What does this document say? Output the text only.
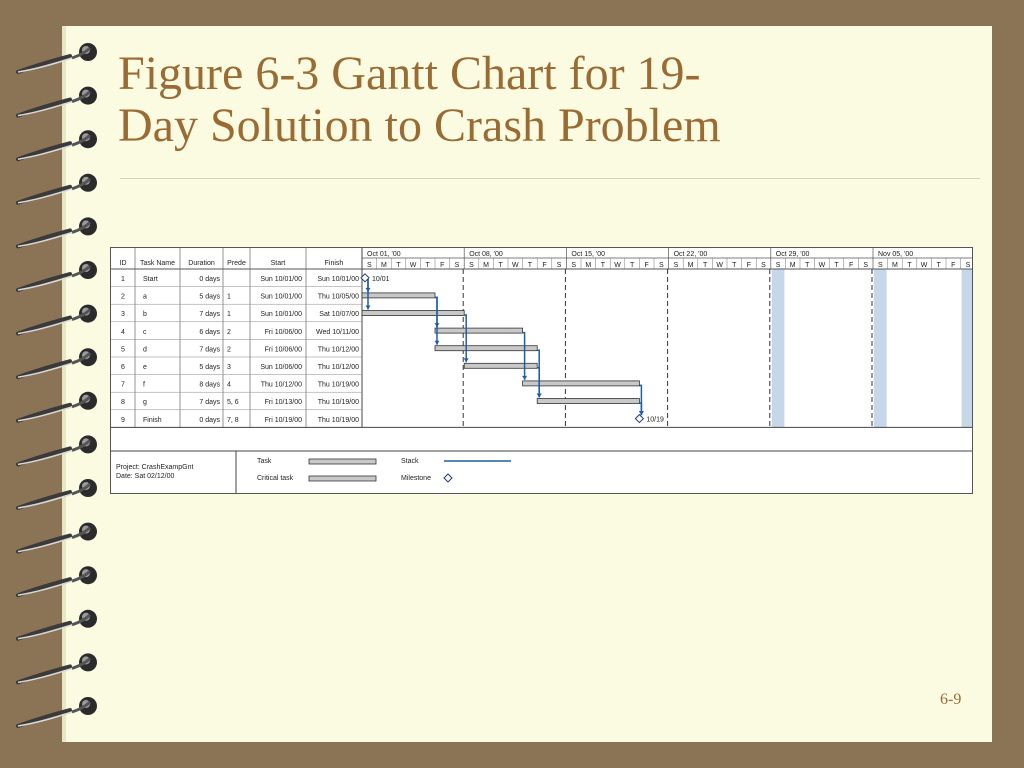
Figure 6-3 Gantt Chart for 19-
Day Solution to Crash Problem
ID Task Name Duration Prede	Start	Finish
Oct 01, '00	Oct 08, '00	Oct 15, '00	Oct 22, '00	Oct 29, '00	Nov 05, '00
S M T W T F S S M T W T F S S M T W T F S S M T W T F S S M T W T F S S M T W T F S
1	Start	0 days	Sun 10/01/00 Sun 10/01/00
2	a	5 days 1	Sun 10/01/00 Thu 10/05/00
3	b	7 days 1	Sun 10/01/00 Sat 10/07/00
4	c	6 days 2	Fri 10/06/00 Wed 10/11/00
5	d	7 days 2	Fri 10/06/00 Thu 10/12/00
6	e	5 days 3	Sun 10/06/00 Thu 10/12/00
7	f	8 days 4	Thu 10/12/00 Thu 10/19/00
8	g	7 days 5, 6	Fri 10/13/00 Thu 10/19/00
9	Finish	0 days 7, 8	Fri 10/19/00 Thu 10/19/00
10/01
10/19
Project: CrashExampGnt
Date: Sat 02/12/00
Task
Critical task
Stack
Milestone
6-9
